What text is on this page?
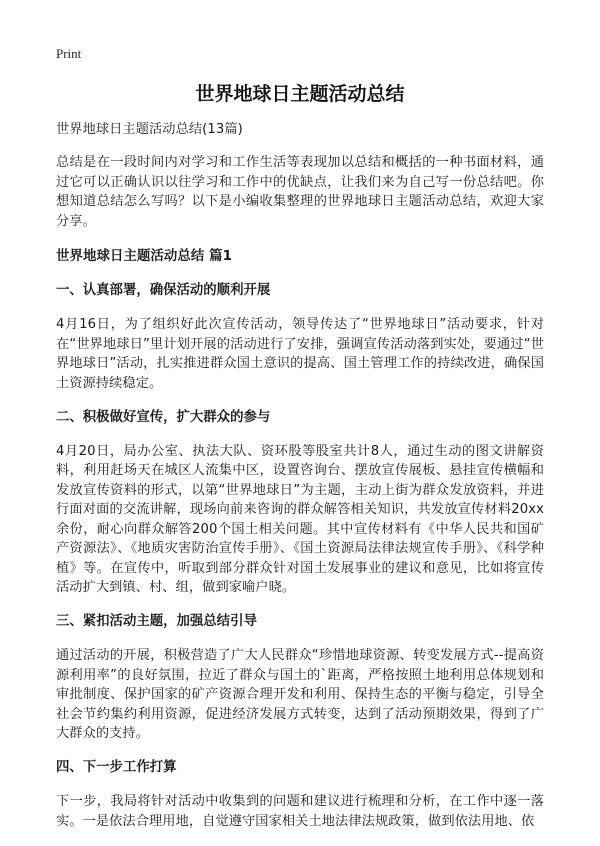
Print
世界地球日主题活动总结

世界地球日主题活动总结(13篇)

总结是在一段时间内对学习和工作生活等表现加以总结和概括的一种书面材料，通过它可以正确认识以往学习和工作中的优缺点，让我们来为自己写一份总结吧。你想知道总结怎么写吗？以下是小编收集整理的世界地球日主题活动总结，欢迎大家分享。

世界地球日主题活动总结 篇1

一、认真部署，确保活动的顺利开展

4月16日，为了组织好此次宣传活动，领导传达了“世界地球日”活动要求，针对在“世界地球日”里计划开展的活动进行了安排，强调宣传活动落到实处，要通过“世界地球日”活动，扎实推进群众国土意识的提高、国土管理工作的持续改进，确保国土资源持续稳定。

二、积极做好宣传，扩大群众的参与

4月20日，局办公室、执法大队、资环股等股室共计8人，通过生动的图文讲解资料，利用赶场天在城区人流集中区，设置咨询台、摆放宣传展板、悬挂宣传横幅和发放宣传资料的形式，以第“世界地球日”为主题，主动上街为群众发放资料，并进行面对面的交流讲解，现场向前来咨询的群众解答相关知识，共发放宣传材料20xx余份，耐心向群众解答200个国土相关问题。其中宣传材料有《中华人民共和国矿产资源法》、《地质灾害防治宣传手册》、《国土资源局法律法规宣传手册》、《科学种植》等。在宣传中，听取到部分群众针对国土发展事业的建议和意见，比如将宣传活动扩大到镇、村、组，做到家喻户晓。

三、紧扣活动主题，加强总结引导

通过活动的开展，积极营造了广大人民群众“珍惜地球资源、转变发展方式--提高资源利用率”的良好氛围，拉近了群众与国土的`距离，严格按照土地利用总体规划和审批制度、保护国家的矿产资源合理开发和利用、保持生态的平衡与稳定，引导全社会节约集约利用资源，促进经济发展方式转变，达到了活动预期效果，得到了广大群众的支持。

四、下一步工作打算

下一步，我局将针对活动中收集到的问题和建议进行梳理和分析，在工作中逐一落实。一是依法合理用地，自觉遵守国家相关土地法律法规政策，做到依法用地、依
